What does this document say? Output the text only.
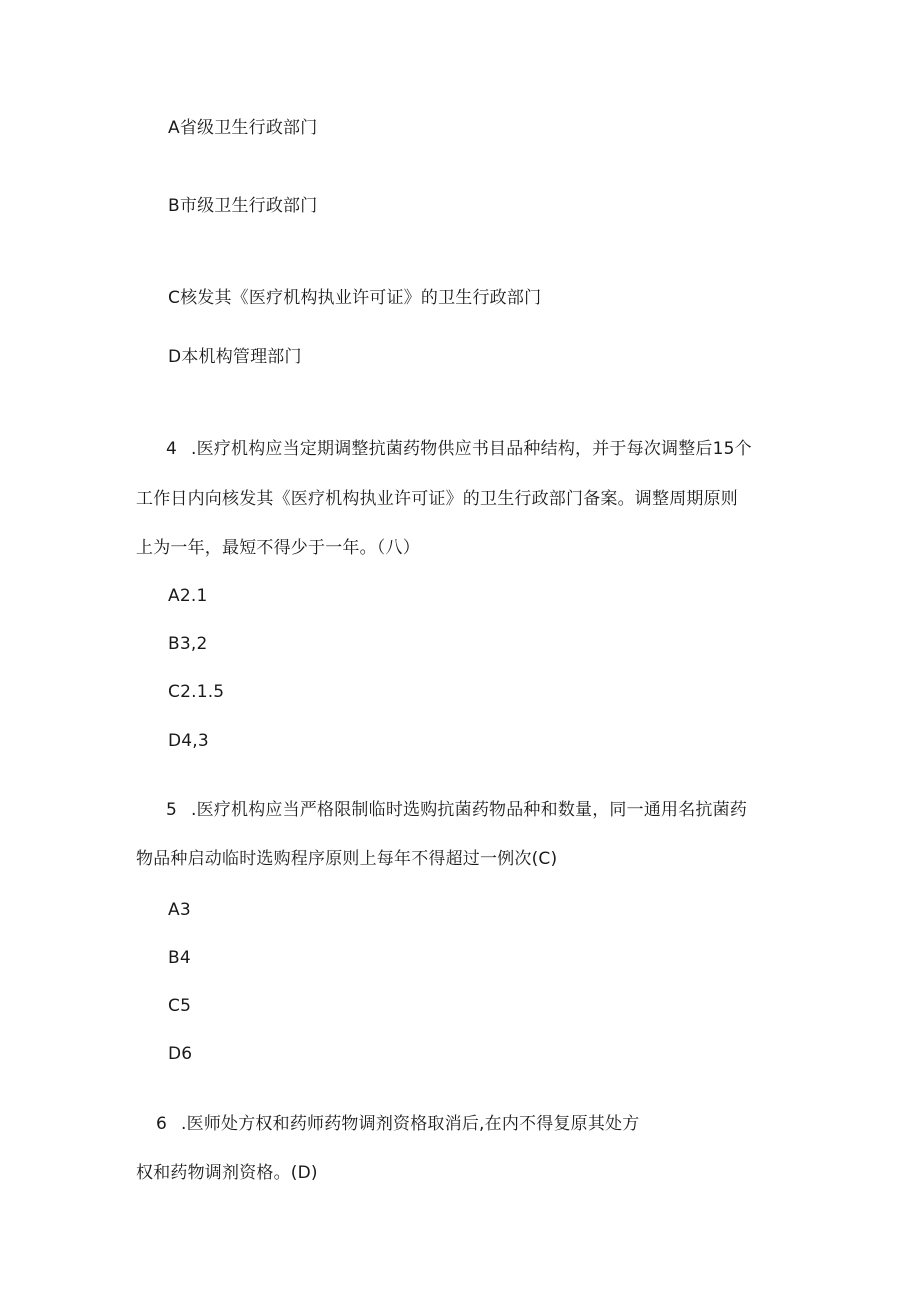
A省级卫生行政部门
B市级卫生行政部门
C核发其《医疗机构执业许可证》的卫生行政部门
D本机构管理部门
4 .医疗机构应当定期调整抗菌药物供应书目品种结构，并于每次调整后15个
工作日内向核发其《医疗机构执业许可证》的卫生行政部门备案。调整周期原则
上为一年，最短不得少于一年。（八）
A2.1
B3,2
C2.1.5
D4,3
5 .医疗机构应当严格限制临时选购抗菌药物品种和数量，同一通用名抗菌药
物品种启动临时选购程序原则上每年不得超过一例次(C)
A3
B4
C5
D6
6 .医师处方权和药师药物调剂资格取消后,在内不得复原其处方
权和药物调剂资格。(D)
